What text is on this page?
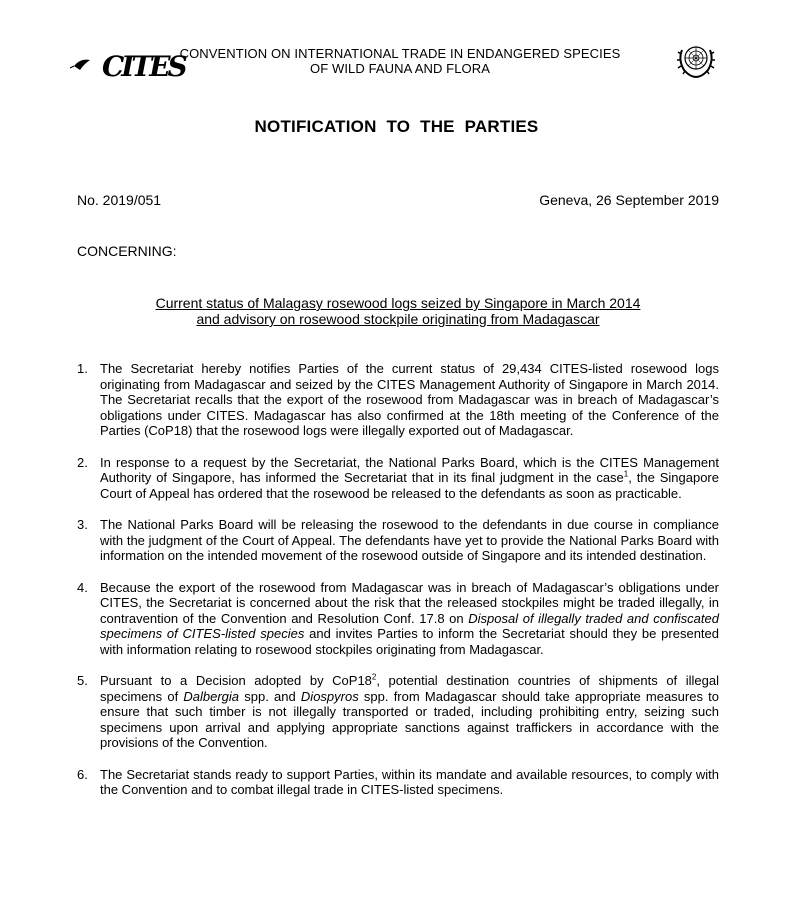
CITES
CONVENTION ON INTERNATIONAL TRADE IN ENDANGERED SPECIES
OF WILD FAUNA AND FLORA
NOTIFICATION TO THE PARTIES
No. 2019/051	Geneva, 26 September 2019
CONCERNING:
Current status of Malagasy rosewood logs seized by Singapore in March 2014
and advisory on rosewood stockpile originating from Madagascar
1. The Secretariat hereby notifies Parties of the current status of 29,434 CITES-listed rosewood logs originating from Madagascar and seized by the CITES Management Authority of Singapore in March 2014. The Secretariat recalls that the export of the rosewood from Madagascar was in breach of Madagascar’s obligations under CITES. Madagascar has also confirmed at the 18th meeting of the Conference of the Parties (CoP18) that the rosewood logs were illegally exported out of Madagascar.
2. In response to a request by the Secretariat, the National Parks Board, which is the CITES Management Authority of Singapore, has informed the Secretariat that in its final judgment in the case$^1$, the Singapore Court of Appeal has ordered that the rosewood be released to the defendants as soon as practicable.
3. The National Parks Board will be releasing the rosewood to the defendants in due course in compliance with the judgment of the Court of Appeal. The defendants have yet to provide the National Parks Board with information on the intended movement of the rosewood outside of Singapore and its intended destination.
4. Because the export of the rosewood from Madagascar was in breach of Madagascar’s obligations under CITES, the Secretariat is concerned about the risk that the released stockpiles might be traded illegally, in contravention of the Convention and Resolution Conf. 17.8 on Disposal of illegally traded and confiscated specimens of CITES-listed species and invites Parties to inform the Secretariat should they be presented with information relating to rosewood stockpiles originating from Madagascar.
5. Pursuant to a Decision adopted by $CoP18^2$, potential destination countries of shipments of illegal specimens of Dalbergia spp. and Diospyros spp. from Madagascar should take appropriate measures to ensure that such timber is not illegally transported or traded, including prohibiting entry, seizing such specimens upon arrival and applying appropriate sanctions against traffickers in accordance with the provisions of the Convention.
6. The Secretariat stands ready to support Parties, within its mandate and available resources, to comply with the Convention and to combat illegal trade in CITES-listed specimens.
